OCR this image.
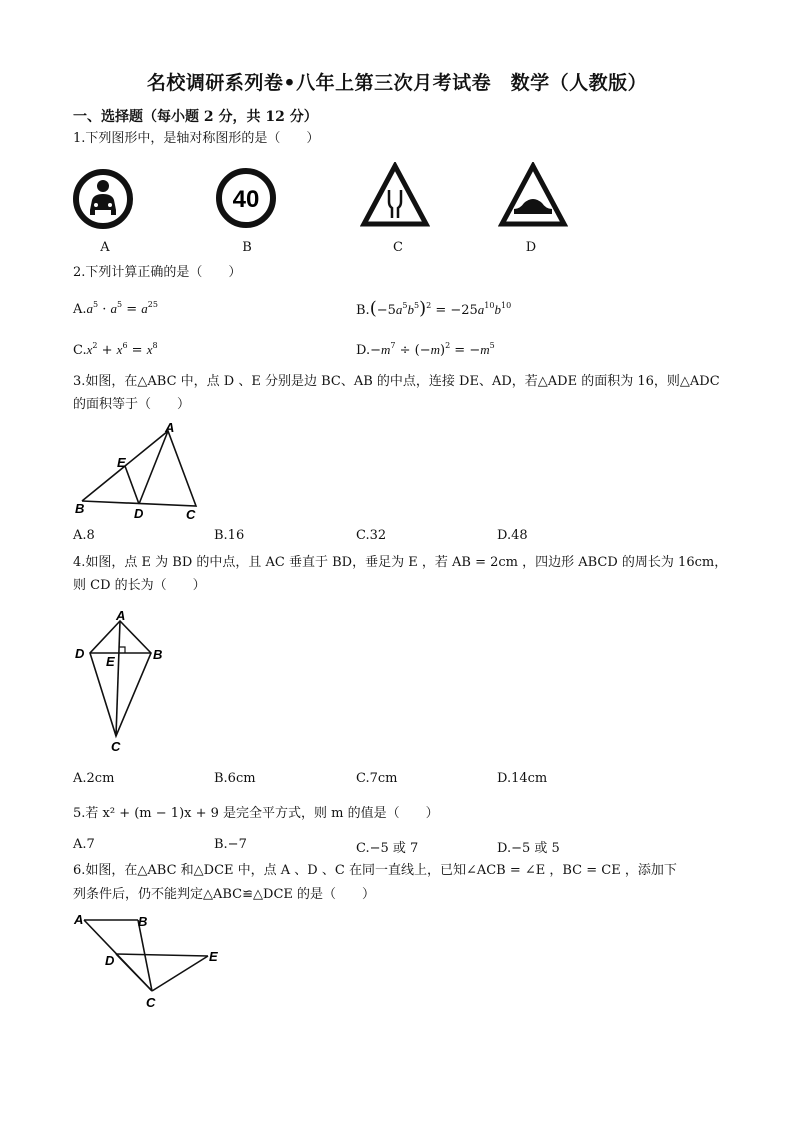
名校调研系列卷•八年上第三次月考试卷　数学（人教版）
一、选择题（每小题 2 分，共 12 分）
1.下列图形中，是轴对称图形的是（　　）
40
A	B	C	D
2.下列计算正确的是（　　）
$A.a^5 \cdot a^5 = a^{25}$	$B.(-5a^5b^5)^2 = -25a^{10}b^{10}$
$C.x^2 + x^6 = x^8$	$D.-m^7 \div (-m)^2 = -m^5$
3.如图，在△ABC 中，点 D 、E 分别是边 BC、AB 的中点，连接 DE、AD，若△ADE 的面积为 16，则△ADC
的面积等于（　　）
A
E
B	D	C
A.8	B.16	C.32	D.48
4.如图，点 E 为 BD 的中点，且 AC 垂直于 BD，垂足为 E ，若 AB = 2cm ，四边形 ABCD 的周长为 16cm，
则 CD 的长为（　　）
A
D
E	B
C
A.2cm	B.6cm	C.7cm	D.14cm
5.若 x² + (m − 1)x + 9 是完全平方式，则 m 的值是（　　）
A.7	B.−7	C.−5 或 7	D.−5 或 5
6.如图，在△ABC 和△DCE 中，点 A 、D 、C 在同一直线上，已知∠ACB = ∠E ，BC = CE ，添加下
列条件后，仍不能判定△ABC≌△DCE 的是（　　）
A	B
D	E
C
